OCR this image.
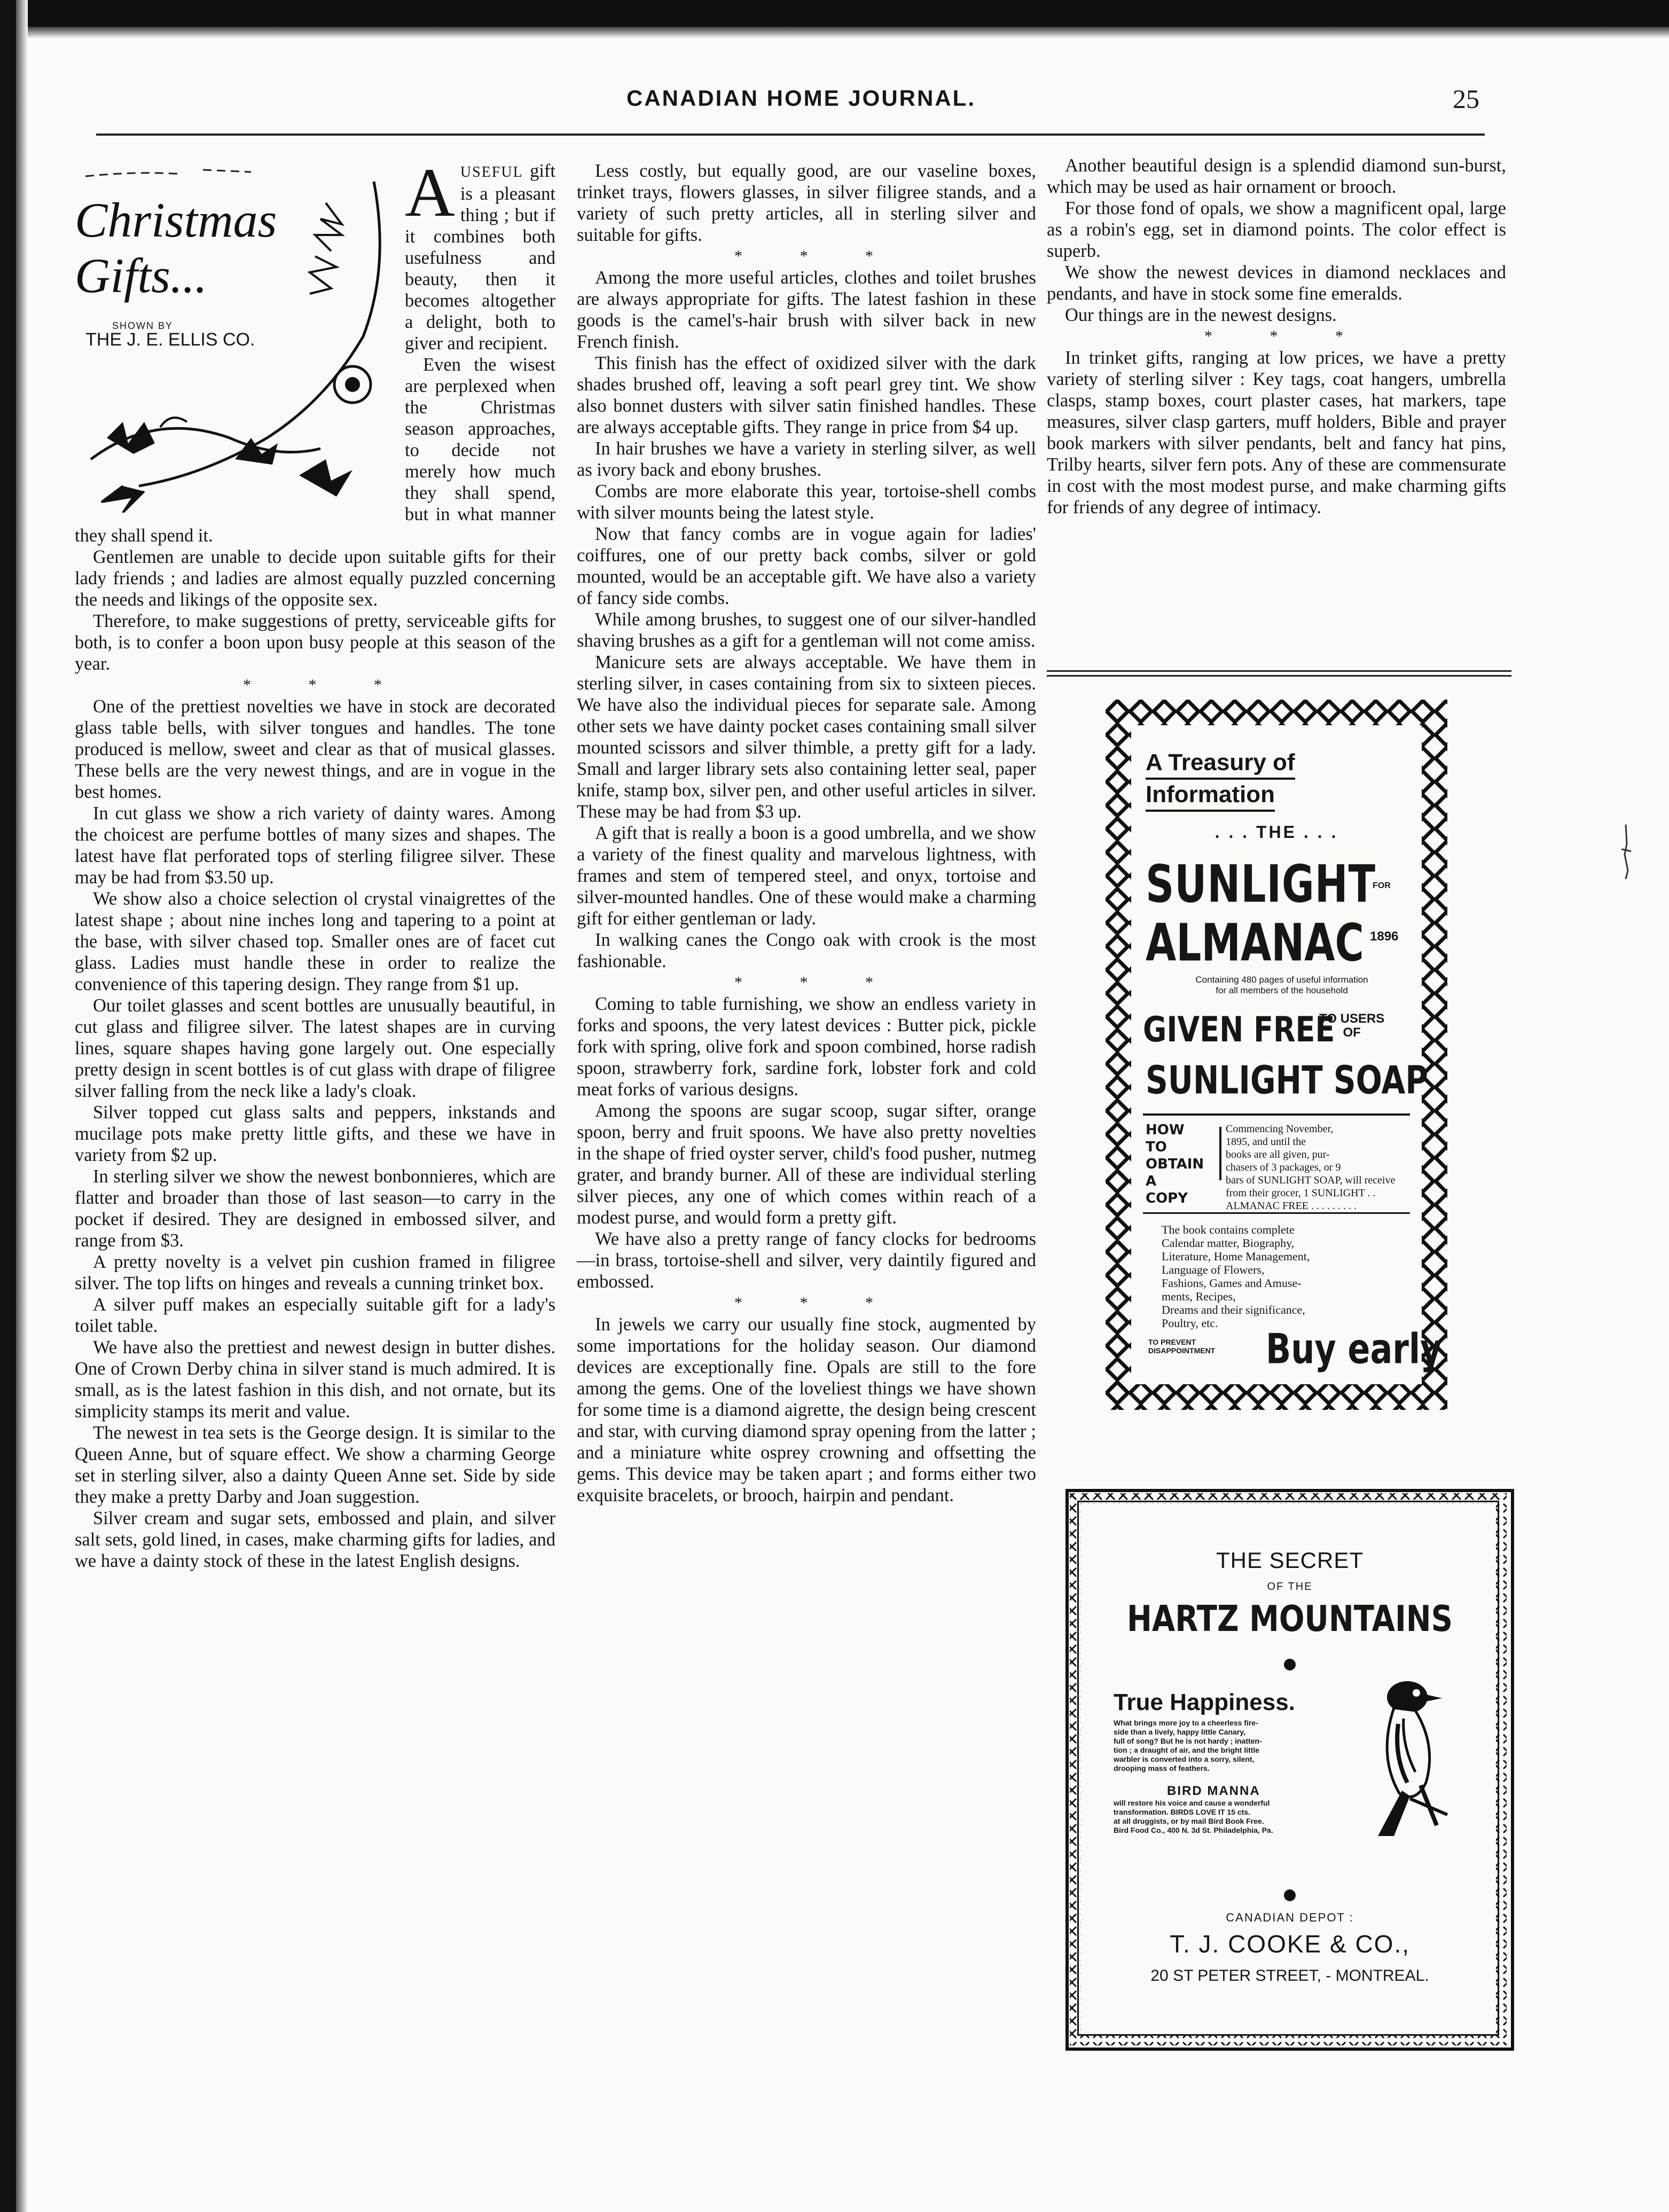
CANADIAN HOME JOURNAL.	25
Christmas
Gifts...
SHOWN BY
THE J. E. ELLIS CO.

AUSEFUL gift is a pleasant thing ; but if it combines both usefulness and beauty, then it becomes altogether a delight, both to giver and recipient.

Even the wisest are perplexed when the Christmas season approaches, to decide not merely how much they shall spend, but in what manner they shall spend it.

Gentlemen are unable to decide upon suitable gifts for their lady friends ; and ladies are almost equally puzzled concerning the needs and likings of the opposite sex.

Therefore, to make suggestions of pretty, serviceable gifts for both, is to confer a boon upon busy people at this season of the year.

* * *

One of the prettiest novelties we have in stock are decorated glass table bells, with silver tongues and handles. The tone produced is mellow, sweet and clear as that of musical glasses. These bells are the very newest things, and are in vogue in the best homes.

In cut glass we show a rich variety of dainty wares. Among the choicest are perfume bottles of many sizes and shapes. The latest have flat perforated tops of sterling filigree silver. These may be had from $3.50 up.

We show also a choice selection ol crystal vinaigrettes of the latest shape ; about nine inches long and tapering to a point at the base, with silver chased top. Smaller ones are of facet cut glass. Ladies must handle these in order to realize the convenience of this tapering design. They range from $1 up.

Our toilet glasses and scent bottles are unusually beautiful, in cut glass and filigree silver. The latest shapes are in curving lines, square shapes having gone largely out. One especially pretty design in scent bottles is of cut glass with drape of filigree silver falling from the neck like a lady's cloak.

Silver topped cut glass salts and peppers, inkstands and mucilage pots make pretty little gifts, and these we have in variety from $2 up.

In sterling silver we show the newest bonbonnieres, which are flatter and broader than those of last season—to carry in the pocket if desired. They are designed in embossed silver, and range from $3.

A pretty novelty is a velvet pin cushion framed in filigree silver. The top lifts on hinges and reveals a cunning trinket box.

A silver puff makes an especially suitable gift for a lady's toilet table.

We have also the prettiest and newest design in butter dishes. One of Crown Derby china in silver stand is much admired. It is small, as is the latest fashion in this dish, and not ornate, but its simplicity stamps its merit and value.

The newest in tea sets is the George design. It is similar to the Queen Anne, but of square effect. We show a charming George set in sterling silver, also a dainty Queen Anne set. Side by side they make a pretty Darby and Joan suggestion.

Silver cream and sugar sets, embossed and plain, and silver salt sets, gold lined, in cases, make charming gifts for ladies, and we have a dainty stock of these in the latest English designs.

Less costly, but equally good, are our vaseline boxes, trinket trays, flowers glasses, in silver filigree stands, and a variety of such pretty articles, all in sterling silver and suitable for gifts.

* * *

Among the more useful articles, clothes and toilet brushes are always appropriate for gifts. The latest fashion in these goods is the camel's-hair brush with silver back in new French finish.

This finish has the effect of oxidized silver with the dark shades brushed off, leaving a soft pearl grey tint. We show also bonnet dusters with silver satin finished handles. These are always acceptable gifts. They range in price from $4 up.

In hair brushes we have a variety in sterling silver, as well as ivory back and ebony brushes.

Combs are more elaborate this year, tortoise-shell combs with silver mounts being the latest style.

Now that fancy combs are in vogue again for ladies' coiffures, one of our pretty back combs, silver or gold mounted, would be an acceptable gift. We have also a variety of fancy side combs.

While among brushes, to suggest one of our silver-handled shaving brushes as a gift for a gentleman will not come amiss.

Manicure sets are always acceptable. We have them in sterling silver, in cases containing from six to sixteen pieces. We have also the individual pieces for separate sale. Among other sets we have dainty pocket cases containing small silver mounted scissors and silver thimble, a pretty gift for a lady. Small and larger library sets also containing letter seal, paper knife, stamp box, silver pen, and other useful articles in silver. These may be had from $3 up.

A gift that is really a boon is a good umbrella, and we show a variety of the finest quality and marvelous lightness, with frames and stem of tempered steel, and onyx, tortoise and silver-mounted handles. One of these would make a charming gift for either gentleman or lady.

In walking canes the Congo oak with crook is the most fashionable.

* * *

Coming to table furnishing, we show an endless variety in forks and spoons, the very latest devices : Butter pick, pickle fork with spring, olive fork and spoon combined, horse radish spoon, strawberry fork, sardine fork, lobster fork and cold meat forks of various designs.

Among the spoons are sugar scoop, sugar sifter, orange spoon, berry and fruit spoons. We have also pretty novelties in the shape of fried oyster server, child's food pusher, nutmeg grater, and brandy burner. All of these are individual sterling silver pieces, any one of which comes within reach of a modest purse, and would form a pretty gift.

We have also a pretty range of fancy clocks for bedrooms—in brass, tortoise-shell and silver, very daintily figured and embossed.

* * *

In jewels we carry our usually fine stock, augmented by some importations for the holiday season. Our diamond devices are exceptionally fine. Opals are still to the fore among the gems. One of the loveliest things we have shown for some time is a diamond aigrette, the design being crescent and star, with curving diamond spray opening from the latter ; and a miniature white osprey crowning and offsetting the gems. This device may be taken apart ; and forms either two exquisite bracelets, or brooch, hairpin and pendant.

Another beautiful design is a splendid diamond sun-burst, which may be used as hair ornament or brooch.

For those fond of opals, we show a magnificent opal, large as a robin's egg, set in diamond points. The color effect is superb.

We show the newest devices in diamond necklaces and pendants, and have in stock some fine emeralds.

Our things are in the newest designs.

* * *

In trinket gifts, ranging at low prices, we have a pretty variety of sterling silver : Key tags, coat hangers, umbrella clasps, stamp boxes, court plaster cases, hat markers, tape measures, silver clasp garters, muff holders, Bible and prayer book markers with silver pendants, belt and fancy hat pins, Trilby hearts, silver fern pots. Any of these are commensurate in cost with the most modest purse, and make charming gifts for friends of any degree of intimacy.

A Treasury of
Information
. . . THE . . .
SUNLIGHT
FOR
ALMANAC 1896
Containing 480 pages of useful information
for all members of the household
GIVEN FREE
TO USERS
OF
SUNLIGHT SOAP
HOW TO
OBTAIN
A COPY
Commencing November,
1895, and until the
books are all given, pur-
chasers of 3 packages, or 9
bars of SUNLIGHT SOAP, will receive
from their grocer, 1 SUNLIGHT . .
ALMANAC FREE . . . . . . . . .
The book contains complete
Calendar matter, Biography,
Literature, Home Management,
Language of Flowers,
Fashions, Games and Amuse-
ments, Recipes,
Dreams and their significance,
Poultry, etc.
TO PREVENT
DISAPPOINTMENT Buy early
THE SECRET
OF THE
HARTZ MOUNTAINS
True Happiness.
What brings more joy to a cheerless fire-
side than a lively, happy little Canary,
full of song? But he is not hardy ; inatten-
tion ; a draught of air, and the bright little
warbler is converted into a sorry, silent,
drooping mass of feathers.
BIRD MANNA
will restore his voice and cause a wonderful
transformation. BIRDS LOVE IT 15 cts.
at all druggists, or by mail Bird Book Free.
Bird Food Co., 400 N. 3d St. Philadelphia, Pa.
CANADIAN DEPOT :
T. J. COOKE & CO.,
20 ST PETER STREET, - MONTREAL.
